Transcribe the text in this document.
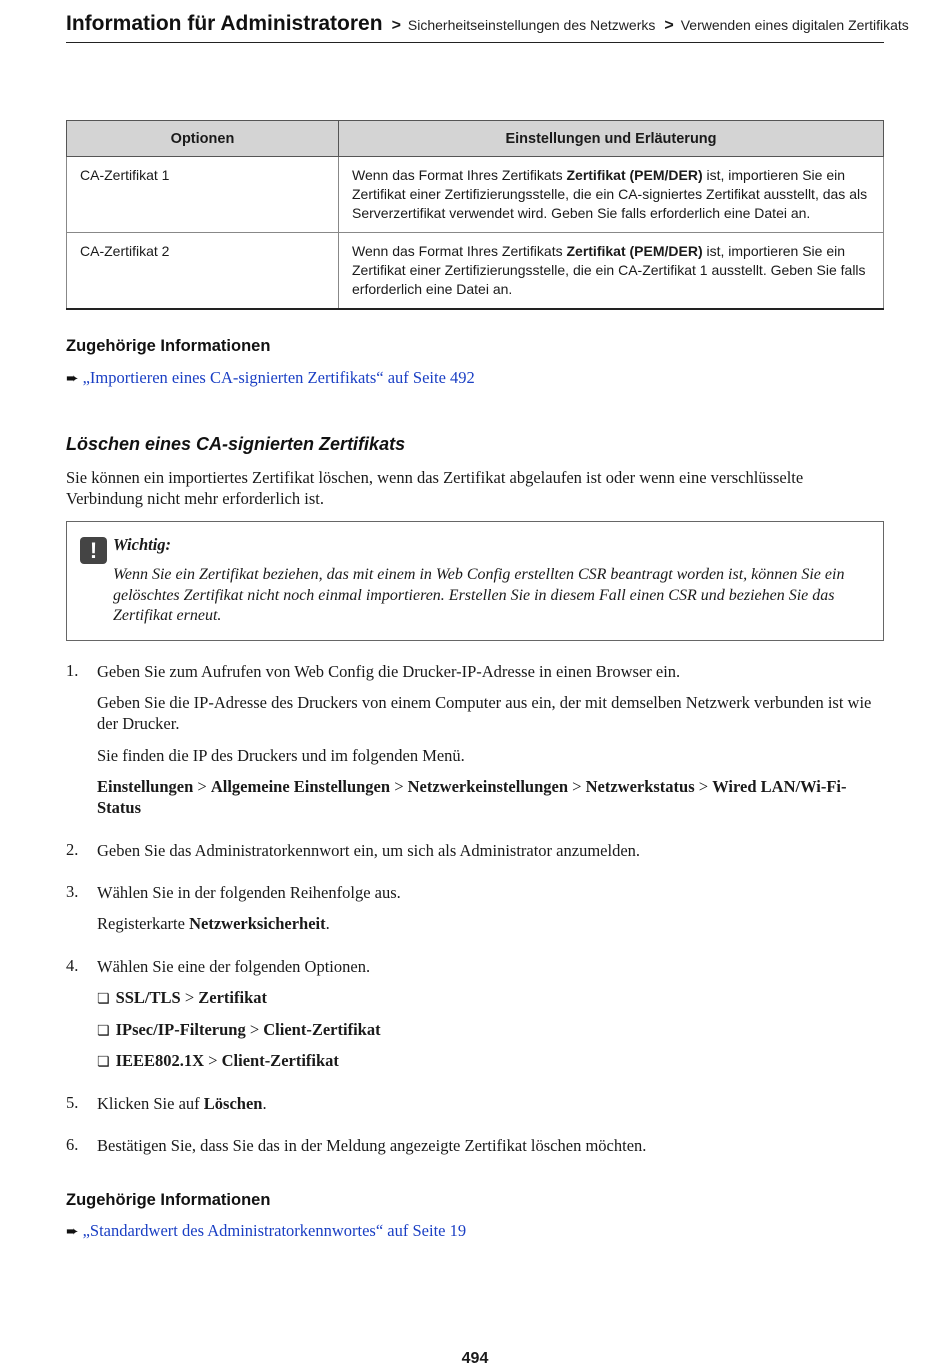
Information für Administratoren > Sicherheitseinstellungen des Netzwerks > Verwenden eines digitalen Zertifikats
Optionen	Einstellungen und Erläuterung
CA-Zertifikat 1	Wenn das Format Ihres Zertifikats Zertifikat (PEM/DER) ist, importieren Sie ein Zertifikat einer Zertifizierungsstelle, die ein CA-signiertes Zertifikat ausstellt, das als Serverzertifikat verwendet wird. Geben Sie falls erforderlich eine Datei an.
CA-Zertifikat 2	Wenn das Format Ihres Zertifikats Zertifikat (PEM/DER) ist, importieren Sie ein Zertifikat einer Zertifizierungsstelle, die ein CA-Zertifikat 1 ausstellt. Geben Sie falls erforderlich eine Datei an.
Zugehörige Informationen
➨ „Importieren eines CA-signierten Zertifikats“ auf Seite 492
Löschen eines CA-signierten Zertifikats
Sie können ein importiertes Zertifikat löschen, wenn das Zertifikat abgelaufen ist oder wenn eine verschlüsselte Verbindung nicht mehr erforderlich ist.
! Wichtig:
Wenn Sie ein Zertifikat beziehen, das mit einem in Web Config erstellten CSR beantragt worden ist, können Sie ein gelöschtes Zertifikat nicht noch einmal importieren. Erstellen Sie in diesem Fall einen CSR und beziehen Sie das Zertifikat erneut.
1. Geben Sie zum Aufrufen von Web Config die Drucker-IP-Adresse in einen Browser ein.
Geben Sie die IP-Adresse des Druckers von einem Computer aus ein, der mit demselben Netzwerk verbunden ist wie der Drucker.
Sie finden die IP des Druckers und im folgenden Menü.
Einstellungen > Allgemeine Einstellungen > Netzwerkeinstellungen > Netzwerkstatus > Wired LAN/Wi-Fi-Status
2. Geben Sie das Administratorkennwort ein, um sich als Administrator anzumelden.
3. Wählen Sie in der folgenden Reihenfolge aus.
Registerkarte Netzwerksicherheit.
4. Wählen Sie eine der folgenden Optionen.
❏ SSL/TLS > Zertifikat
❏ IPsec/IP-Filterung > Client-Zertifikat
❏ IEEE802.1X > Client-Zertifikat
5. Klicken Sie auf Löschen.
6. Bestätigen Sie, dass Sie das in der Meldung angezeigte Zertifikat löschen möchten.
Zugehörige Informationen
➨ „Standardwert des Administratorkennwortes“ auf Seite 19
494
